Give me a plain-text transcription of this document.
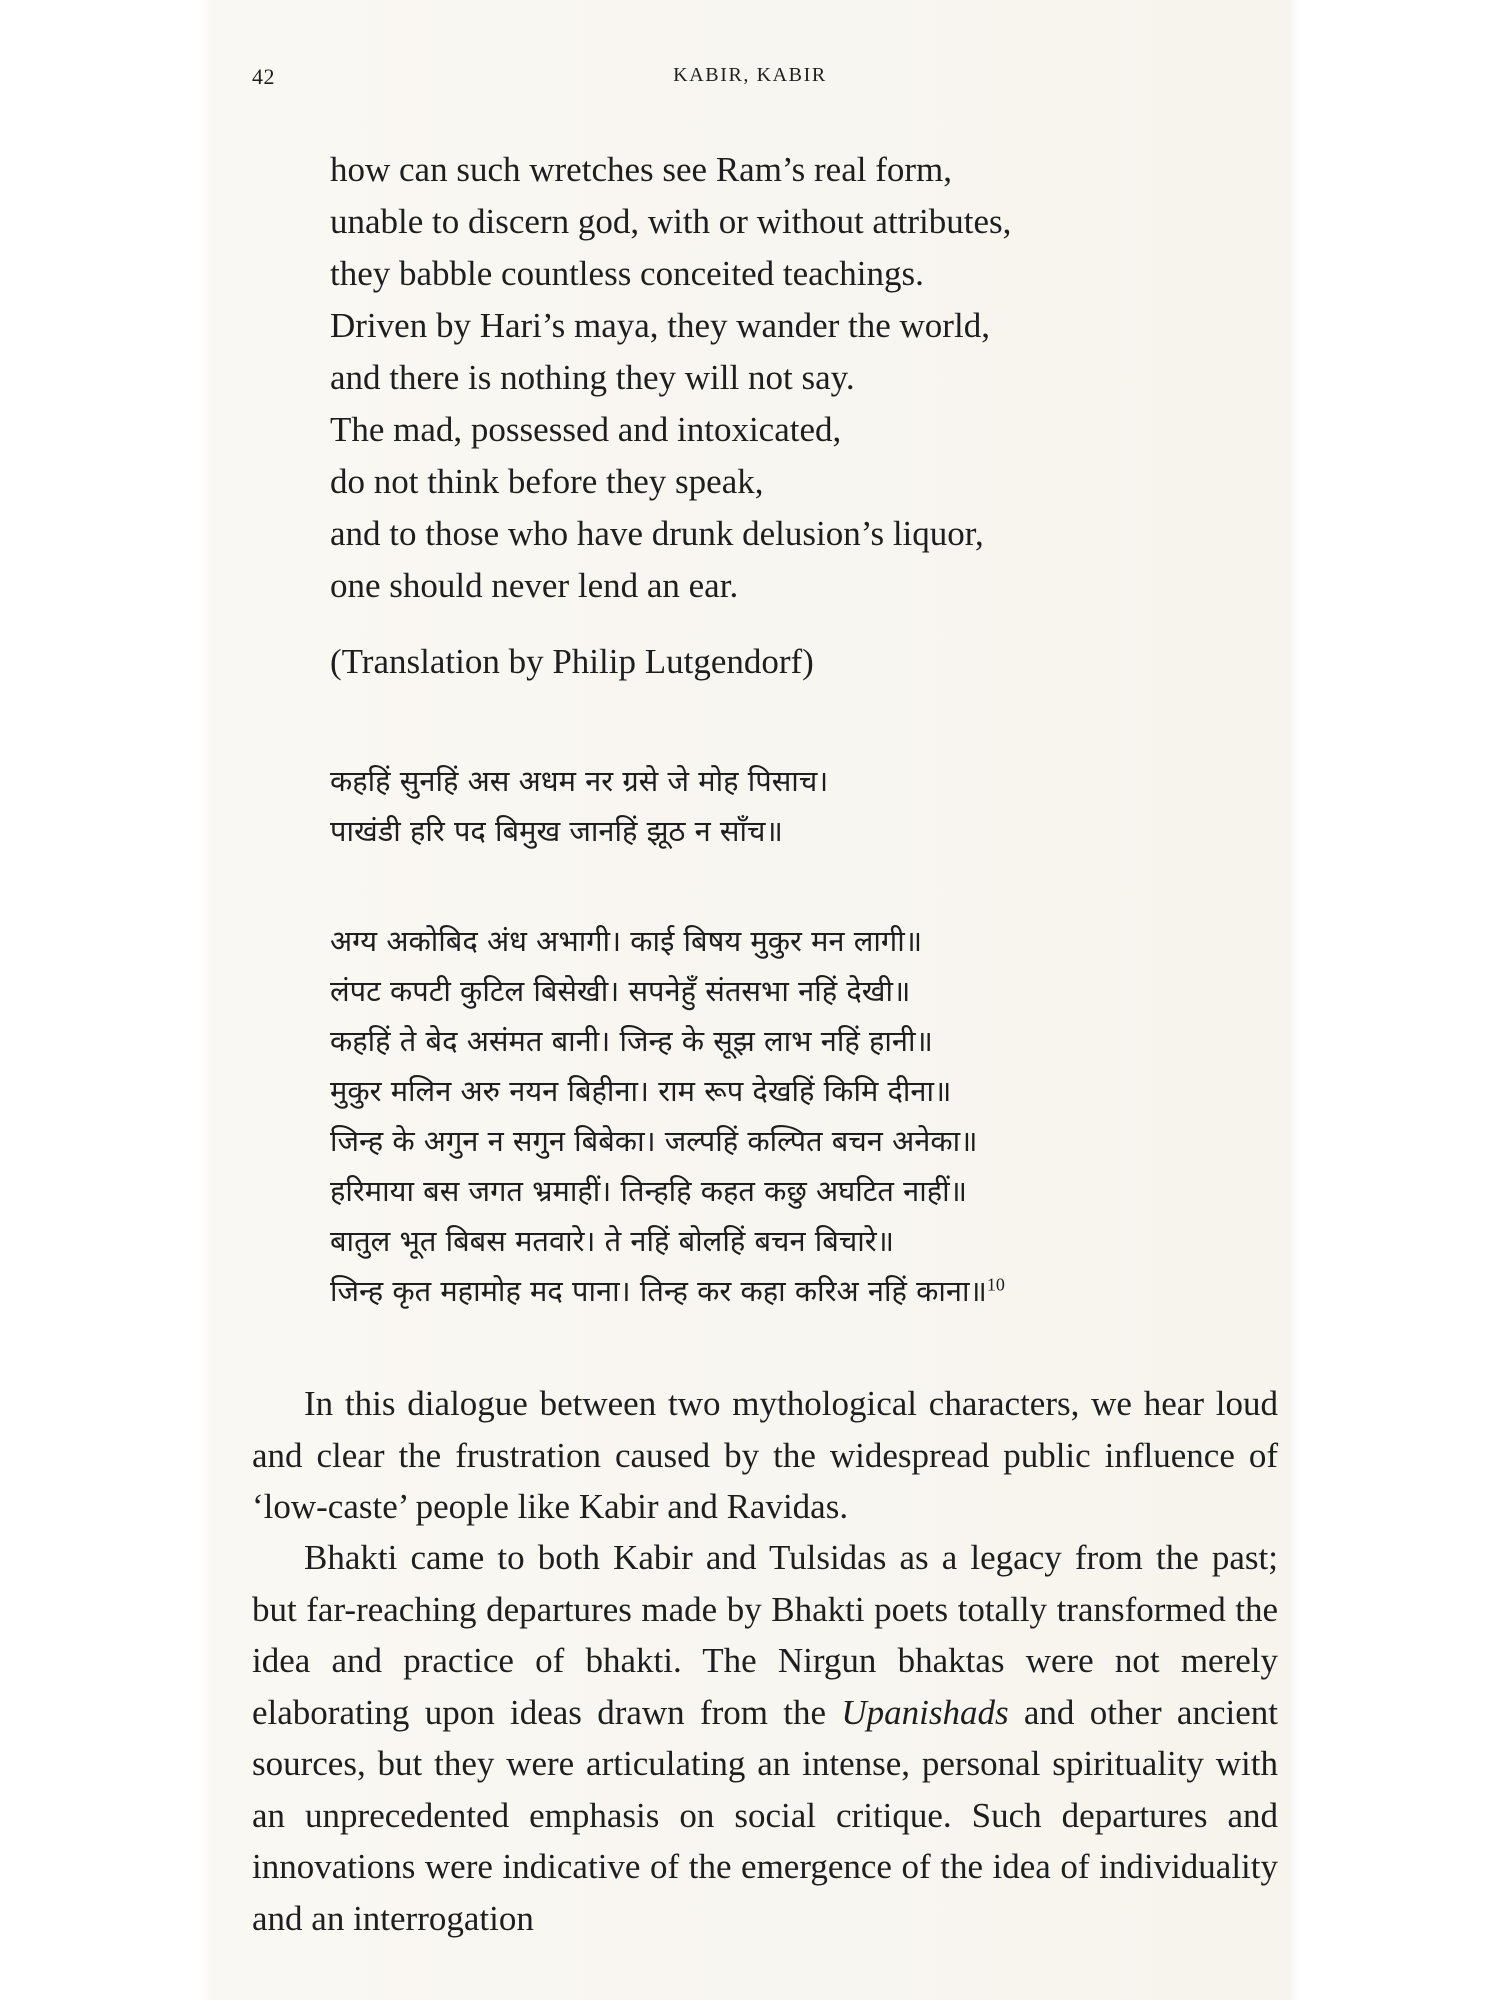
42	KABIR, KABIR
how can such wretches see Ram’s real form,
unable to discern god, with or without attributes,
they babble countless conceited teachings.
Driven by Hari’s maya, they wander the world,
and there is nothing they will not say.
The mad, possessed and intoxicated,
do not think before they speak,
and to those who have drunk delusion’s liquor,
one should never lend an ear.
(Translation by Philip Lutgendorf)
कहहिं सुनहिं अस अधम नर ग्रसे जे मोह पिसाच।
पाखंडी हरि पद बिमुख जानहिं झूठ न साँच॥
अग्य अकोबिद अंध अभागी। काई बिषय मुकुर मन लागी॥
लंपट कपटी कुटिल बिसेखी। सपनेहुँ संतसभा नहिं देखी॥
कहहिं ते बेद असंमत बानी। जिन्ह के सूझ लाभ नहिं हानी॥
मुकुर मलिन अरु नयन बिहीना। राम रूप देखहिं किमि दीना॥
जिन्ह के अगुन न सगुन बिबेका। जल्पहिं कल्पित बचन अनेका॥
हरिमाया बस जगत भ्रमाहीं। तिन्हहि कहत कछु अघटित नाहीं॥
बातुल भूत बिबस मतवारे। ते नहिं बोलहिं बचन बिचारे॥
जिन्ह कृत महामोह मद पाना। तिन्ह कर कहा करिअ नहिं काना॥$^{10}$

In this dialogue between two mythological characters, we hear loud and clear the frustration caused by the widespread public influence of ‘low-caste’ people like Kabir and Ravidas.

Bhakti came to both Kabir and Tulsidas as a legacy from the past; but far-reaching departures made by Bhakti poets totally transformed the idea and practice of bhakti. The Nirgun bhaktas were not merely elaborating upon ideas drawn from the Upanishads and other ancient sources, but they were articulating an intense, personal spirituality with an unprecedented emphasis on social critique. Such departures and innovations were indicative of the emergence of the idea of individuality and an interrogation
